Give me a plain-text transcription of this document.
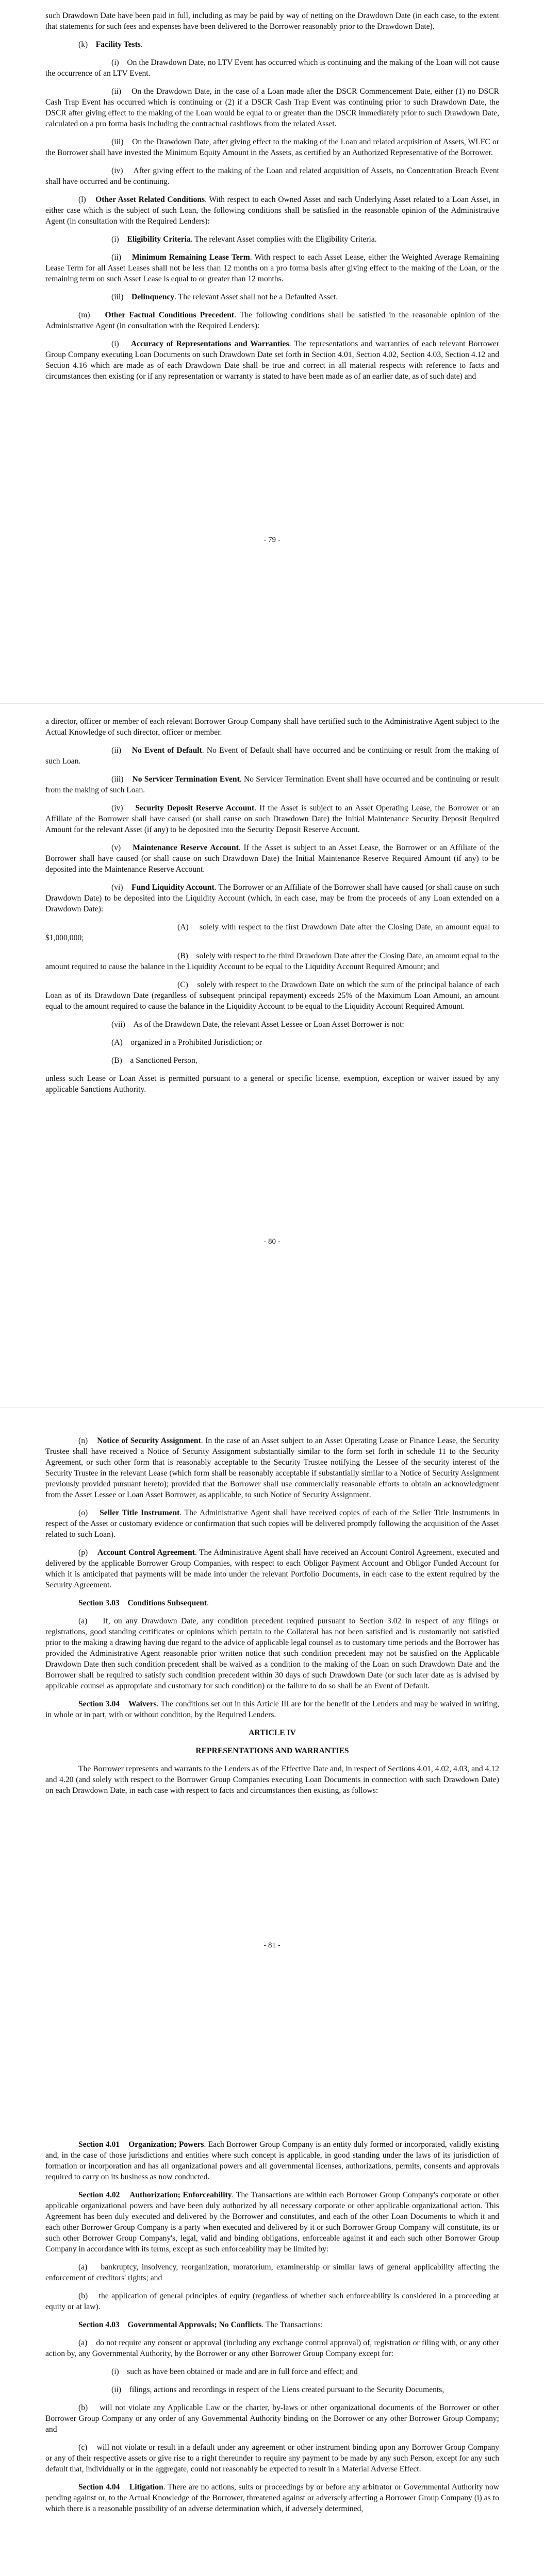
such Drawdown Date have been paid in full, including as may be paid by way of netting on the Drawdown Date (in each case, to the extent that statements for such fees and expenses have been delivered to the Borrower reasonably prior to the Drawdown Date).

(k) Facility Tests.

(i)    On the Drawdown Date, no LTV Event has occurred which is continuing and the making of the Loan will not cause the occurrence of an LTV Event.

(ii)    On the Drawdown Date, in the case of a Loan made after the DSCR Commencement Date, either (1) no DSCR Cash Trap Event has occurred which is continuing or (2) if a DSCR Cash Trap Event was continuing prior to such Drawdown Date, the DSCR after giving effect to the making of the Loan would be equal to or greater than the DSCR immediately prior to such Drawdown Date, calculated on a pro forma basis including the contractual cashflows from the related Asset.

(iii)    On the Drawdown Date, after giving effect to the making of the Loan and related acquisition of Assets, WLFC or the Borrower shall have invested the Minimum Equity Amount in the Assets, as certified by an Authorized Representative of the Borrower.

(iv)    After giving effect to the making of the Loan and related acquisition of Assets, no Concentration Breach Event shall have occurred and be continuing.

(l) Other Asset Related Conditions. With respect to each Owned Asset and each Underlying Asset related to a Loan Asset, in either case which is the subject of such Loan, the following conditions shall be satisfied in the reasonable opinion of the Administrative Agent (in consultation with the Required Lenders):

(i) Eligibility Criteria. The relevant Asset complies with the Eligibility Criteria.

(ii) Minimum Remaining Lease Term. With respect to each Asset Lease, either the Weighted Average Remaining Lease Term for all Asset Leases shall not be less than 12 months on a pro forma basis after giving effect to the making of the Loan, or the remaining term on such Asset Lease is equal to or greater than 12 months.

(iii) Delinquency. The relevant Asset shall not be a Defaulted Asset.

(m) Other Factual Conditions Precedent. The following conditions shall be satisfied in the reasonable opinion of the Administrative Agent (in consultation with the Required Lenders):

(i) Accuracy of Representations and Warranties. The representations and warranties of each relevant Borrower Group Company executing Loan Documents on such Drawdown Date set forth in Section 4.01, Section 4.02, Section 4.03, Section 4.12 and Section 4.16 which are made as of each Drawdown Date shall be true and correct in all material respects with reference to facts and circumstances then existing (or if any representation or warranty is stated to have been made as of an earlier date, as of such date) and

- 79 -

a director, officer or member of each relevant Borrower Group Company shall have certified such to the Administrative Agent subject to the Actual Knowledge of such director, officer or member.

(ii) No Event of Default. No Event of Default shall have occurred and be continuing or result from the making of such Loan.

(iii) No Servicer Termination Event. No Servicer Termination Event shall have occurred and be continuing or result from the making of such Loan.

(iv) Security Deposit Reserve Account. If the Asset is subject to an Asset Operating Lease, the Borrower or an Affiliate of the Borrower shall have caused (or shall cause on such Drawdown Date) the Initial Maintenance Security Deposit Required Amount for the relevant Asset (if any) to be deposited into the Security Deposit Reserve Account.

(v) Maintenance Reserve Account. If the Asset is subject to an Asset Lease, the Borrower or an Affiliate of the Borrower shall have caused (or shall cause on such Drawdown Date) the Initial Maintenance Reserve Required Amount (if any) to be deposited into the Maintenance Reserve Account.

(vi) Fund Liquidity Account. The Borrower or an Affiliate of the Borrower shall have caused (or shall cause on such Drawdown Date) to be deposited into the Liquidity Account (which, in each case, may be from the proceeds of any Loan extended on a Drawdown Date):

(A)    solely with respect to the first Drawdown Date after the Closing Date, an amount equal to $1,000,000;

(B)    solely with respect to the third Drawdown Date after the Closing Date, an amount equal to the amount required to cause the balance in the Liquidity Account to be equal to the Liquidity Account Required Amount; and

(C)    solely with respect to the Drawdown Date on which the sum of the principal balance of each Loan as of its Drawdown Date (regardless of subsequent principal repayment) exceeds 25% of the Maximum Loan Amount, an amount equal to the amount required to cause the balance in the Liquidity Account to be equal to the Liquidity Account Required Amount.

(vii)    As of the Drawdown Date, the relevant Asset Lessee or Loan Asset Borrower is not:

(A)    organized in a Prohibited Jurisdiction; or

(B)    a Sanctioned Person,

unless such Lease or Loan Asset is permitted pursuant to a general or specific license, exemption, exception or waiver issued by any applicable Sanctions Authority.

- 80 -

(n) Notice of Security Assignment. In the case of an Asset subject to an Asset Operating Lease or Finance Lease, the Security Trustee shall have received a Notice of Security Assignment substantially similar to the form set forth in schedule 11 to the Security Agreement, or such other form that is reasonably acceptable to the Security Trustee notifying the Lessee of the security interest of the Security Trustee in the relevant Lease (which form shall be reasonably acceptable if substantially similar to a Notice of Security Assignment previously provided pursuant hereto); provided that the Borrower shall use commercially reasonable efforts to obtain an acknowledgment from the Asset Lessee or Loan Asset Borrower, as applicable, to such Notice of Security Assignment.

(o) Seller Title Instrument. The Administrative Agent shall have received copies of each of the Seller Title Instruments in respect of the Asset or customary evidence or confirmation that such copies will be delivered promptly following the acquisition of the Asset related to such Loan).

(p) Account Control Agreement. The Administrative Agent shall have received an Account Control Agreement, executed and delivered by the applicable Borrower Group Companies, with respect to each Obligor Payment Account and Obligor Funded Account for which it is anticipated that payments will be made into under the relevant Portfolio Documents, in each case to the extent required by the Security Agreement.

Section 3.03    Conditions Subsequent.

(a)    If, on any Drawdown Date, any condition precedent required pursuant to Section 3.02 in respect of any filings or registrations, good standing certificates or opinions which pertain to the Collateral has not been satisfied and is customarily not satisfied prior to the making a drawing having due regard to the advice of applicable legal counsel as to customary time periods and the Borrower has provided the Administrative Agent reasonable prior written notice that such condition precedent may not be satisfied on the Applicable Drawdown Date then such condition precedent shall be waived as a condition to the making of the Loan on such Drawdown Date and the Borrower shall be required to satisfy such condition precedent within 30 days of such Drawdown Date (or such later date as is advised by applicable counsel as appropriate and customary for such condition) or the failure to do so shall be an Event of Default.

Section 3.04    Waivers. The conditions set out in this Article III are for the benefit of the Lenders and may be waived in writing, in whole or in part, with or without condition, by the Required Lenders.

ARTICLE IV

REPRESENTATIONS AND WARRANTIES

The Borrower represents and warrants to the Lenders as of the Effective Date and, in respect of Sections 4.01, 4.02, 4.03, and 4.12 and 4.20 (and solely with respect to the Borrower Group Companies executing Loan Documents in connection with such Drawdown Date) on each Drawdown Date, in each case with respect to facts and circumstances then existing, as follows:

- 81 -

Section 4.01    Organization; Powers. Each Borrower Group Company is an entity duly formed or incorporated, validly existing and, in the case of those jurisdictions and entities where such concept is applicable, in good standing under the laws of its jurisdiction of formation or incorporation and has all organizational powers and all governmental licenses, authorizations, permits, consents and approvals required to carry on its business as now conducted.

Section 4.02    Authorization; Enforceability. The Transactions are within each Borrower Group Company's corporate or other applicable organizational powers and have been duly authorized by all necessary corporate or other applicable organizational action. This Agreement has been duly executed and delivered by the Borrower and constitutes, and each of the other Loan Documents to which it and each other Borrower Group Company is a party when executed and delivered by it or such Borrower Group Company will constitute, its or such other Borrower Group Company's, legal, valid and binding obligations, enforceable against it and each such other Borrower Group Company in accordance with its terms, except as such enforceability may be limited by:

(a)    bankruptcy, insolvency, reorganization, moratorium, examinership or similar laws of general applicability affecting the enforcement of creditors' rights; and

(b)    the application of general principles of equity (regardless of whether such enforceability is considered in a proceeding at equity or at law).

Section 4.03    Governmental Approvals; No Conflicts. The Transactions:

(a)    do not require any consent or approval (including any exchange control approval) of, registration or filing with, or any other action by, any Governmental Authority, by the Borrower or any other Borrower Group Company except for:

(i)    such as have been obtained or made and are in full force and effect; and

(ii)    filings, actions and recordings in respect of the Liens created pursuant to the Security Documents,

(b)    will not violate any Applicable Law or the charter, by-laws or other organizational documents of the Borrower or other Borrower Group Company or any order of any Governmental Authority binding on the Borrower or any other Borrower Group Company; and

(c)    will not violate or result in a default under any agreement or other instrument binding upon any Borrower Group Company or any of their respective assets or give rise to a right thereunder to require any payment to be made by any such Person, except for any such default that, individually or in the aggregate, could not reasonably be expected to result in a Material Adverse Effect.

Section 4.04    Litigation. There are no actions, suits or proceedings by or before any arbitrator or Governmental Authority now pending against or, to the Actual Knowledge of the Borrower, threatened against or adversely affecting a Borrower Group Company (i) as to which there is a reasonable possibility of an adverse determination which, if adversely determined,
